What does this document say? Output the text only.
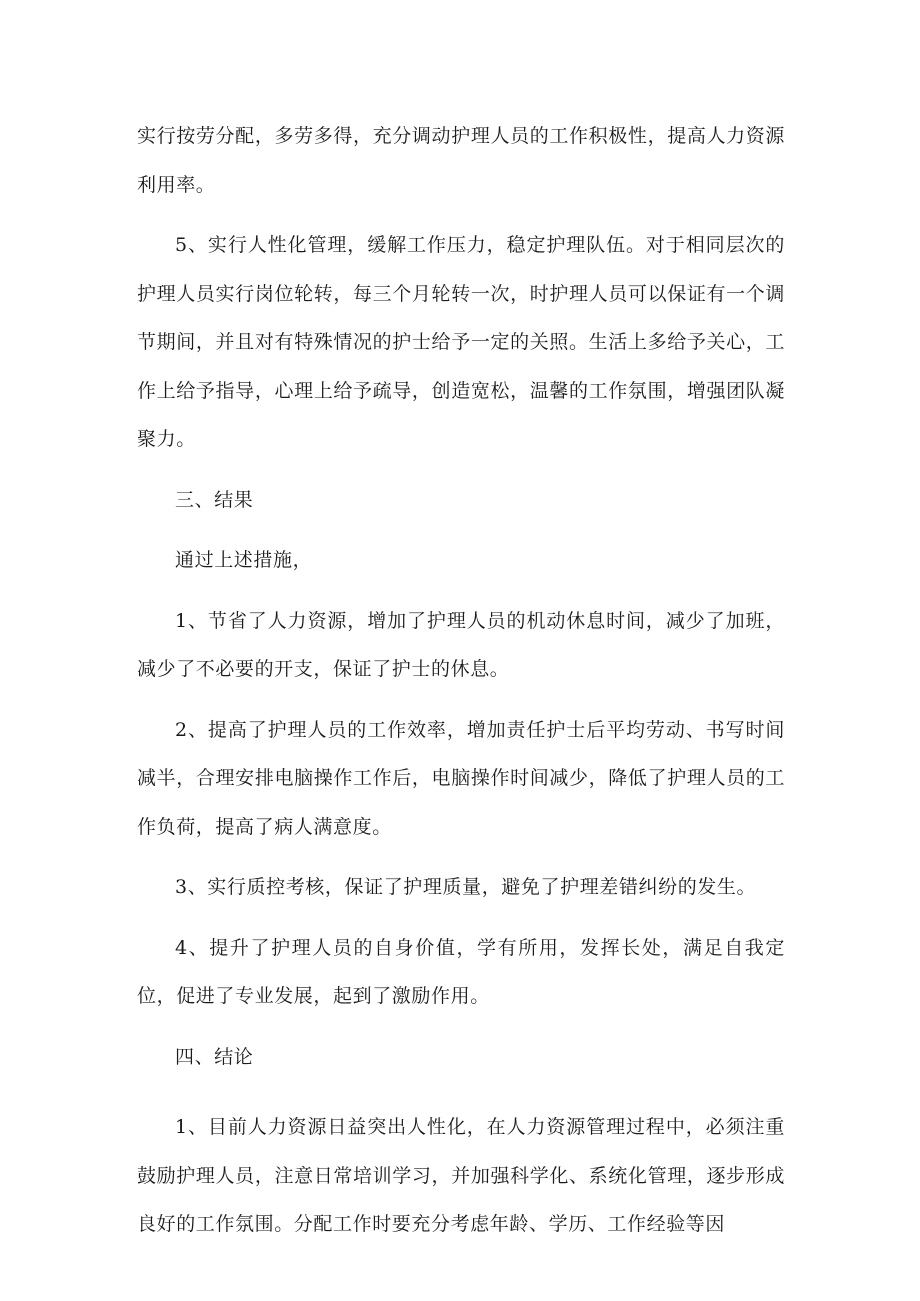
实行按劳分配，多劳多得，充分调动护理人员的工作积极性，提高人力资源利用率。

5、实行人性化管理，缓解工作压力，稳定护理队伍。对于相同层次的护理人员实行岗位轮转，每三个月轮转一次，时护理人员可以保证有一个调节期间，并且对有特殊情况的护士给予一定的关照。生活上多给予关心，工作上给予指导，心理上给予疏导，创造宽松，温馨的工作氛围，增强团队凝聚力。

三、结果

通过上述措施，

1、节省了人力资源，增加了护理人员的机动休息时间，减少了加班，减少了不必要的开支，保证了护士的休息。

2、提高了护理人员的工作效率，增加责任护士后平均劳动、书写时间减半，合理安排电脑操作工作后，电脑操作时间减少，降低了护理人员的工作负荷，提高了病人满意度。

3、实行质控考核，保证了护理质量，避免了护理差错纠纷的发生。

4、提升了护理人员的自身价值，学有所用，发挥长处，满足自我定位，促进了专业发展，起到了激励作用。

四、结论

1、目前人力资源日益突出人性化，在人力资源管理过程中，必须注重鼓励护理人员，注意日常培训学习，并加强科学化、系统化管理，逐步形成良好的工作氛围。分配工作时要充分考虑年龄、学历、工作经验等因
